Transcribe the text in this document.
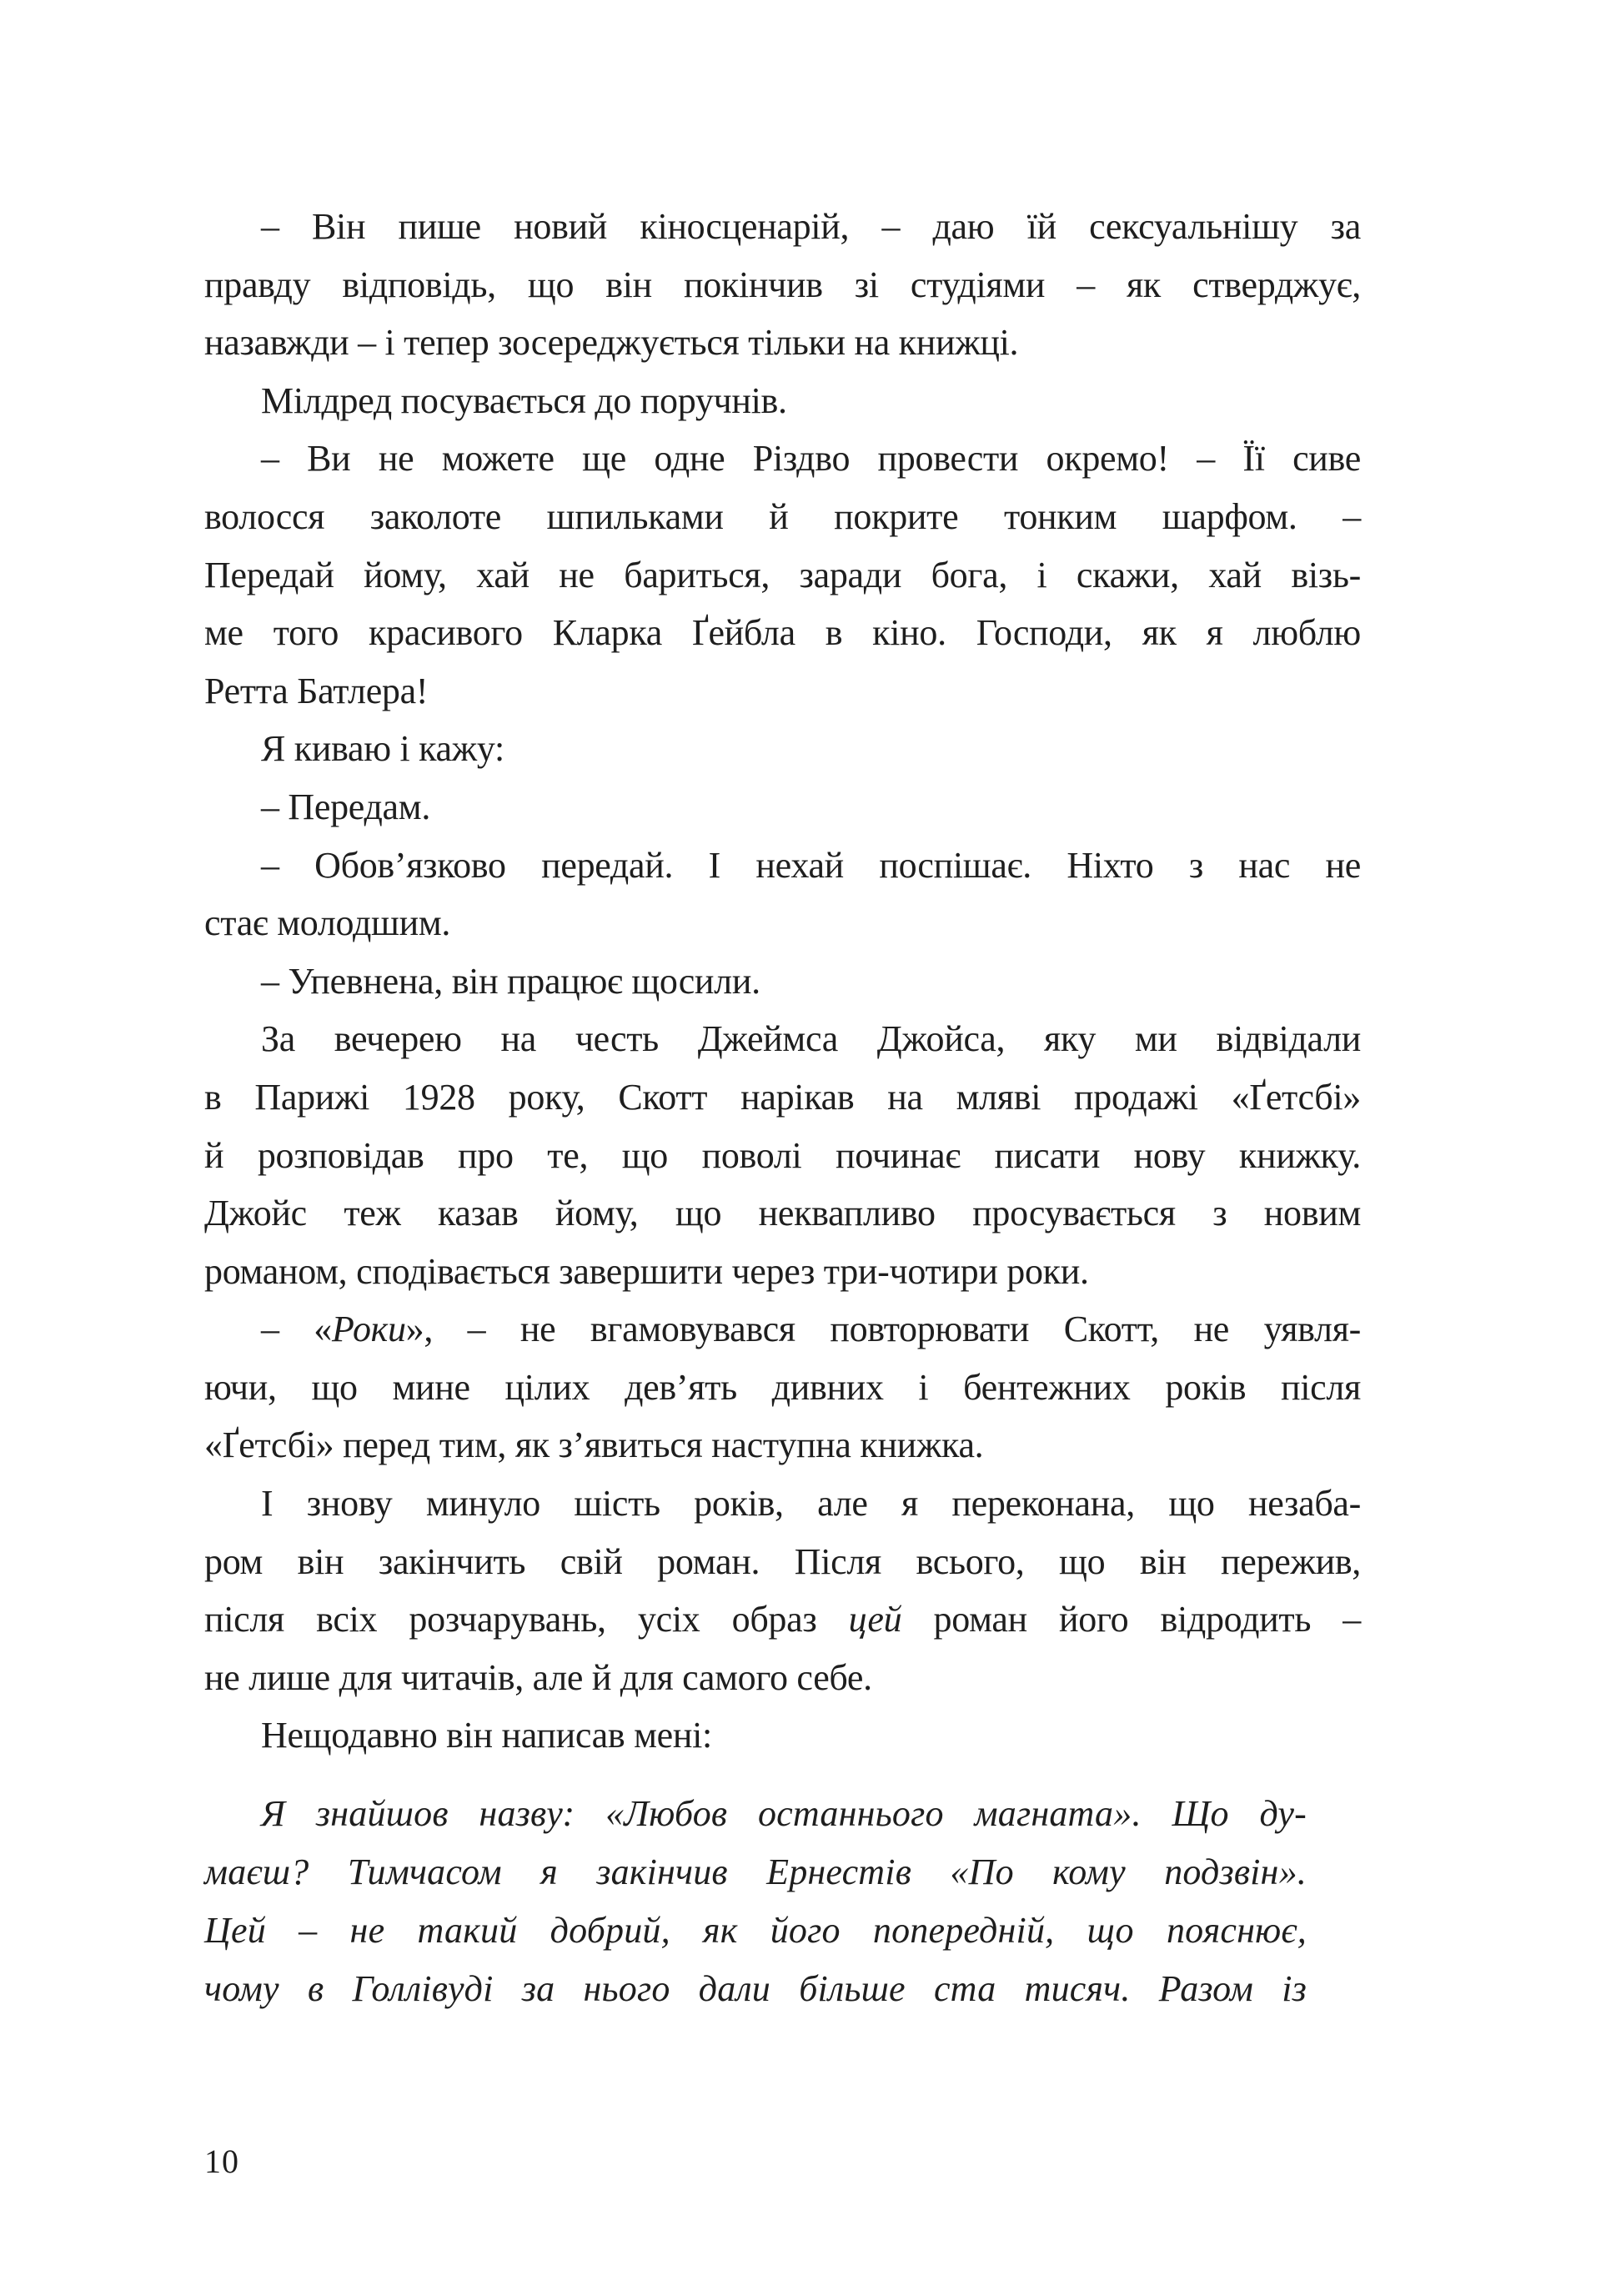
– Він пише новий кіносценарій, – даю їй сексуальнішу за
правду відповідь, що він покінчив зі студіями – як стверджує,
назавжди – і тепер зосереджується тільки на книжці.
Мілдред посувається до поручнів.
– Ви не можете ще одне Різдво провести окремо! – Її сиве
волосся заколоте шпильками й покрите тонким шарфом. –
Передай йому, хай не бариться, заради бога, і скажи, хай візь-
ме того красивого Кларка Ґейбла в кіно. Господи, як я люблю
Ретта Батлера!
Я киваю і кажу:
– Передам.
– Обов’язково передай. І нехай поспішає. Ніхто з нас не
стає молодшим.
– Упевнена, він працює щосили.
За вечерею на честь Джеймса Джойса, яку ми відвідали
в Парижі 1928 року, Скотт нарікав на мляві продажі «Ґетсбі»
й розповідав про те, що поволі починає писати нову книжку.
Джойс теж казав йому, що неквапливо просувається з новим
романом, сподівається завершити через три-чотири роки.
– «Роки», – не вгамовувався повторювати Скотт, не уявля-
ючи, що мине цілих дев’ять дивних і бентежних років після
«Ґетсбі» перед тим, як з’явиться наступна книжка.
І знову минуло шість років, але я переконана, що незаба-
ром він закінчить свій роман. Після всього, що він пережив,
після всіх розчарувань, усіх образ цей роман його відродить –
не лише для читачів, але й для самого себе.
Нещодавно він написав мені:
Я знайшов назву: «Любов останнього магната». Що ду-
маєш? Тимчасом я закінчив Ернестів «По кому подзвін».
Цей – не такий добрий, як його попередній, що пояснює,
чому в Голлівуді за нього дали більше ста тисяч. Разом із
10
